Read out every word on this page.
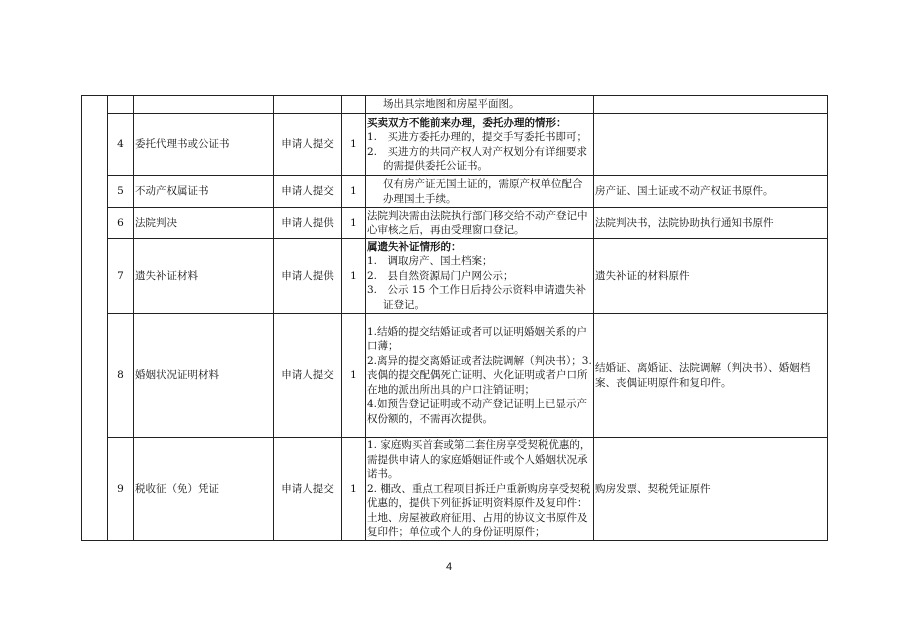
					场出具宗地图和房屋平面图。	

	4	委托代理书或公证书	申请人提交	1	买卖双方不能前来办理，委托办理的情形：
1.　买进方委托办理的，提交手写委托书即可；
2.　买进方的共同产权人对产权划分有详细要求的需提供委托公证书。	

	5	不动产权属证书	申请人提交	1	仅有房产证无国土证的，需原产权单位配合办理国土手续。	房产证、国土证或不动产权证书原件。
	6	法院判决	申请人提供	1	法院判决需由法院执行部门移交给不动产登记中心审核之后，再由受理窗口登记。	法院判决书，法院协助执行通知书原件
	7	遗失补证材料	申请人提供	1	属遗失补证情形的：
1.　调取房产、国土档案；
2.　县自然资源局门户网公示；
3.　公示 15 个工作日后持公示资料申请遗失补证登记。	遗失补证的材料原件
	8	婚姻状况证明材料	申请人提交	1	1.结婚的提交结婚证或者可以证明婚姻关系的户口薄；
2.离异的提交离婚证或者法院调解（判决书）；3.丧偶的提交配偶死亡证明、火化证明或者户口所在地的派出所出具的户口注销证明；
4.如预告登记证明或不动产登记证明上已显示产权份额的，不需再次提供。	结婚证、离婚证、法院调解（判决书）、婚姻档案、丧偶证明原件和复印件。
	9	税收征（免）凭证	申请人提交	1	1. 家庭购买首套或第二套住房享受契税优惠的，需提供申请人的家庭婚姻证件或个人婚姻状况承诺书。
2. 棚改、重点工程项目拆迁户重新购房享受契税优惠的，提供下列征拆证明资料原件及复印件：土地、房屋被政府征用、占用的协议文书原件及复印件；单位或个人的身份证明原件；	购房发票、契税凭证原件
4
